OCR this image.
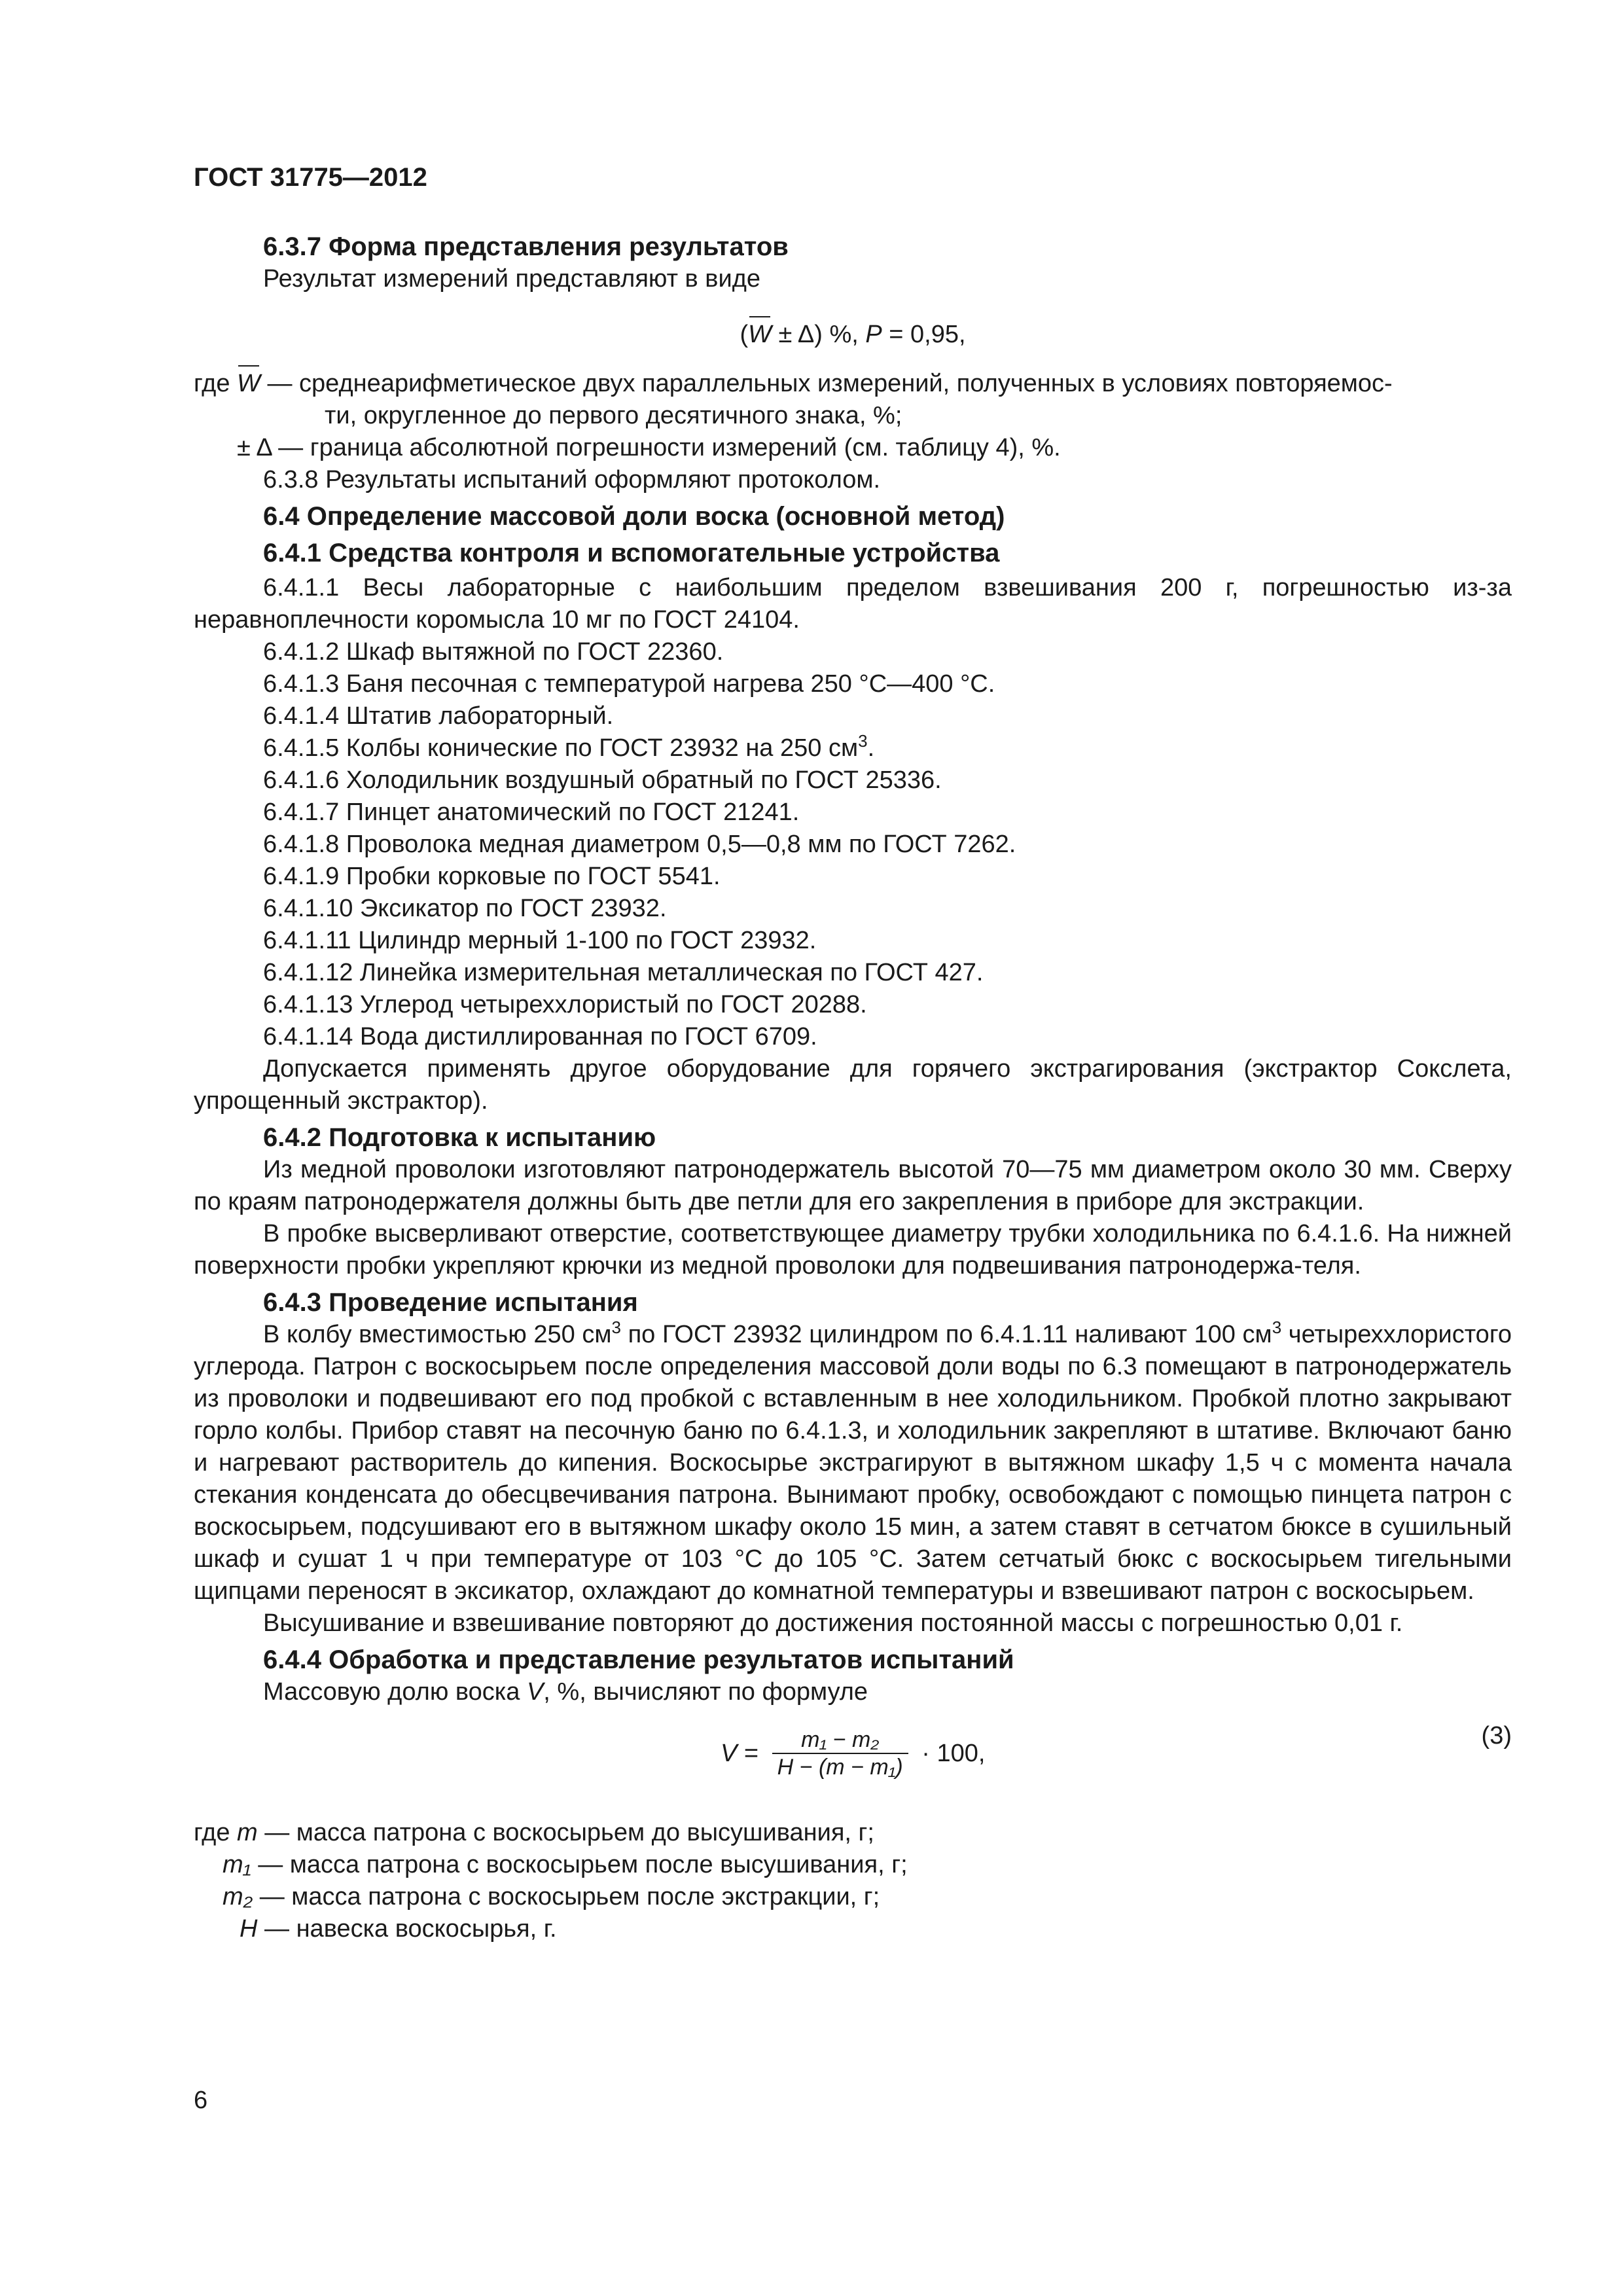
ГОСТ 31775—2012
6.3.7 Форма представления результатов
Результат измерений представляют в виде
(W ± Δ) %, P = 0,95,
где W — среднеарифметическое двух параллельных измерений, полученных в условиях повторяемос-
ти, округленное до первого десятичного знака, %;
± Δ — граница абсолютной погрешности измерений (см. таблицу 4), %.
6.3.8 Результаты испытаний оформляют протоколом.
6.4 Определение массовой доли воска (основной метод)
6.4.1 Средства контроля и вспомогательные устройства
6.4.1.1 Весы лабораторные с наибольшим пределом взвешивания 200 г, погрешностью из-за неравноплечности коромысла 10 мг по ГОСТ 24104.
6.4.1.2 Шкаф вытяжной по ГОСТ 22360.
6.4.1.3 Баня песочная с температурой нагрева 250 °С—400 °С.
6.4.1.4 Штатив лабораторный.
6.4.1.5 Колбы конические по ГОСТ 23932 на 250 $см^3$.
6.4.1.6 Холодильник воздушный обратный по ГОСТ 25336.
6.4.1.7 Пинцет анатомический по ГОСТ 21241.
6.4.1.8 Проволока медная диаметром 0,5—0,8 мм по ГОСТ 7262.
6.4.1.9 Пробки корковые по ГОСТ 5541.
6.4.1.10 Эксикатор по ГОСТ 23932.
6.4.1.11 Цилиндр мерный 1-100 по ГОСТ 23932.
6.4.1.12 Линейка измерительная металлическая по ГОСТ 427.
6.4.1.13 Углерод четыреххлористый по ГОСТ 20288.
6.4.1.14 Вода дистиллированная по ГОСТ 6709.
Допускается применять другое оборудование для горячего экстрагирования (экстрактор Сокслета, упрощенный экстрактор).
6.4.2 Подготовка к испытанию
Из медной проволоки изготовляют патронодержатель высотой 70—75 мм диаметром около 30 мм. Сверху по краям патронодержателя должны быть две петли для его закрепления в приборе для экстракции.
В пробке высверливают отверстие, соответствующее диаметру трубки холодильника по 6.4.1.6. На нижней поверхности пробки укрепляют крючки из медной проволоки для подвешивания патронодержа-теля.
6.4.3 Проведение испытания
В колбу вместимостью 250 $см^3$ по ГОСТ 23932 цилиндром по 6.4.1.11 наливают 100 $см^3$ четыреххлористого углерода. Патрон с воскосырьем после определения массовой доли воды по 6.3 помещают в патронодержатель из проволоки и подвешивают его под пробкой с вставленным в нее холодильником. Пробкой плотно закрывают горло колбы. Прибор ставят на песочную баню по 6.4.1.3, и холодильник закрепляют в штативе. Включают баню и нагревают растворитель до кипения. Воскосырье экстрагируют в вытяжном шкафу 1,5 ч с момента начала стекания конденсата до обесцвечивания патрона. Вынимают пробку, освобождают с помощью пинцета патрон с воскосырьем, подсушивают его в вытяжном шкафу около 15 мин, а затем ставят в сетчатом бюксе в сушильный шкаф и сушат 1 ч при температуре от 103 °С до 105 °С. Затем сетчатый бюкс с воскосырьем тигельными щипцами переносят в эксикатор, охлаждают до комнатной температуры и взвешивают патрон с воскосырьем.
Высушивание и взвешивание повторяют до достижения постоянной массы с погрешностью 0,01 г.
6.4.4 Обработка и представление результатов испытаний
Массовую долю воска V, %, вычисляют по формуле
$V = \frac{\text{m₁ − m₂}}{\text{H − (m − m₁)}} \cdot 100$,
(3)
где m — масса патрона с воскосырьем до высушивания, г;
m₁ — масса патрона с воскосырьем после высушивания, г;
m₂ — масса патрона с воскосырьем после экстракции, г;
H — навеска воскосырья, г.
6
